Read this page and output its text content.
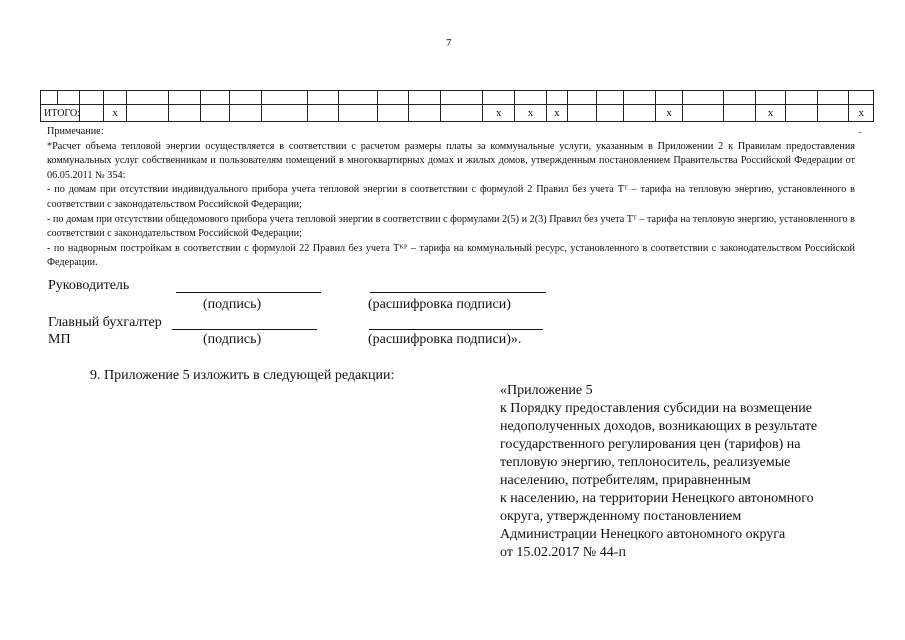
7

ИТОГО:			x											x	x	x				x			x			x
-

Примечание:

*Расчет объема тепловой энергии осуществляется в соответствии с расчетом размеры платы за коммунальные услуги, указанным в Приложении 2 к Правилам предоставления коммунальных услуг собственникам и пользователям помещений в многоквартирных домах и жилых домов, утвержденным постановлением Правительства Российской Федерации от 06.05.2011 № 354:

- по домам при отсутствии индивидуального прибора учета тепловой энергии в соответствии с формулой 2 Правил без учета Тᵀ – тарифа на тепловую энергию, установленного в соответствии с законодательством Российской Федерации;

- по домам при отсутствии общедомового прибора учета тепловой энергии в соответствии с формулами 2(5) и 2(3) Правил без учета Тᵀ – тарифа на тепловую энергию, установленного в соответствии с законодательством Российской Федерации;

- по надворным постройкам в соответствии с формулой 22 Правил без учета Тᴷᴾ – тарифа на коммунальный ресурс, установленного в соответствии с законодательством Российской Федерации.

Руководитель
(подпись)	(расшифровка подписи)
Главный бухгалтер
МП	(подпись)	(расшифровка подписи)».
9. Приложение 5 изложить в следующей редакции:
«Приложение 5
к Порядку предоставления субсидии на возмещение
недополученных доходов, возникающих в результате
государственного регулирования цен (тарифов) на
тепловую энергию, теплоноситель, реализуемые
населению, потребителям, приравненным
к населению, на территории Ненецкого автономного
округа, утвержденному постановлением
Администрации Ненецкого автономного округа
от 15.02.2017 № 44-п
